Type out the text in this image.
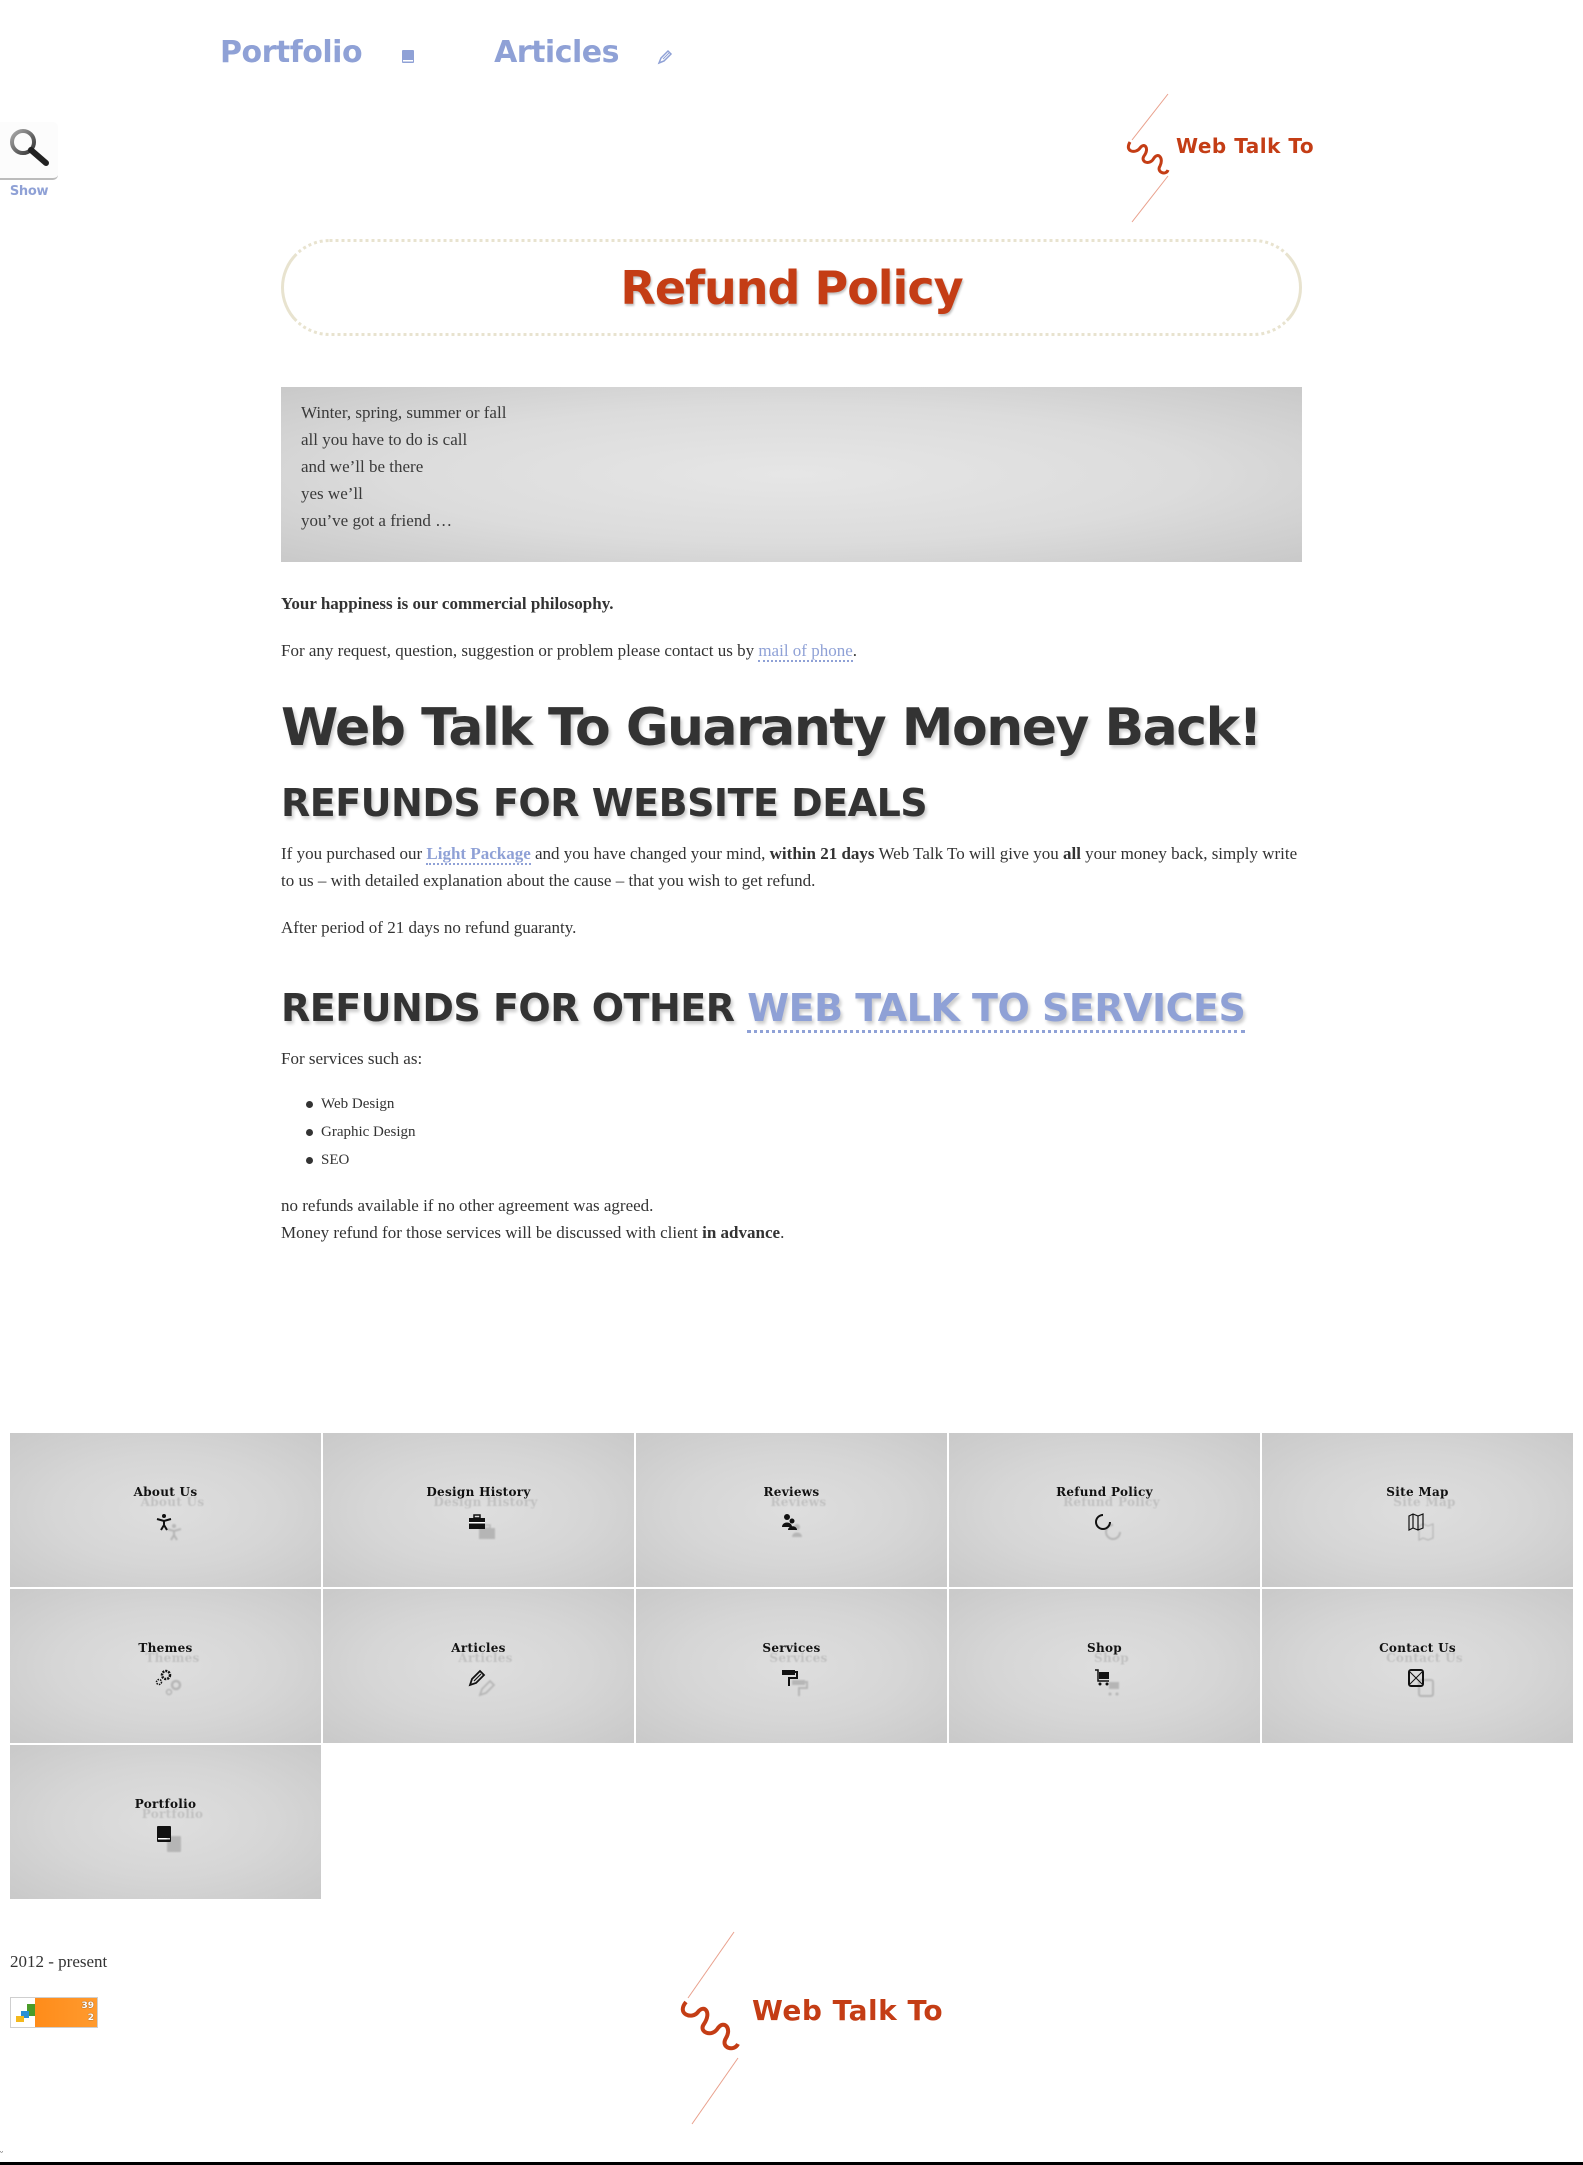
Portfolio	Articles
Show
Web Talk To
Refund Policy
Winter, spring, summer or fall
all you have to do is call
and we’ll be there
yes we’ll
you’ve got a friend …

Your happiness is our commercial philosophy.

For any request, question, suggestion or problem please contact us by mail of phone.

Web Talk To Guaranty Money Back!
REFUNDS FOR WEBSITE DEALS

If you purchased our Light Package and you have changed your mind, within 21 days Web Talk To will give you all your money back, simply write to us – with detailed explanation about the cause – that you wish to get refund.

After period of 21 days no refund guaranty.

REFUNDS FOR OTHER WEB TALK TO SERVICES

For services such as:

Web Design
Graphic Design
SEO

no refunds available if no other agreement was agreed.

Money refund for those services will be discussed with client in advance.

About Us
About Us
Design History
Design History
Reviews
Reviews
Refund Policy
Refund Policy
Site Map
Site Map
Themes
Themes
Articles
Articles
Services
Services
Shop
Shop
Contact Us
Contact Us
Portfolio
Portfolio
2012 - present
39
2	Web Talk To
ᵕ
